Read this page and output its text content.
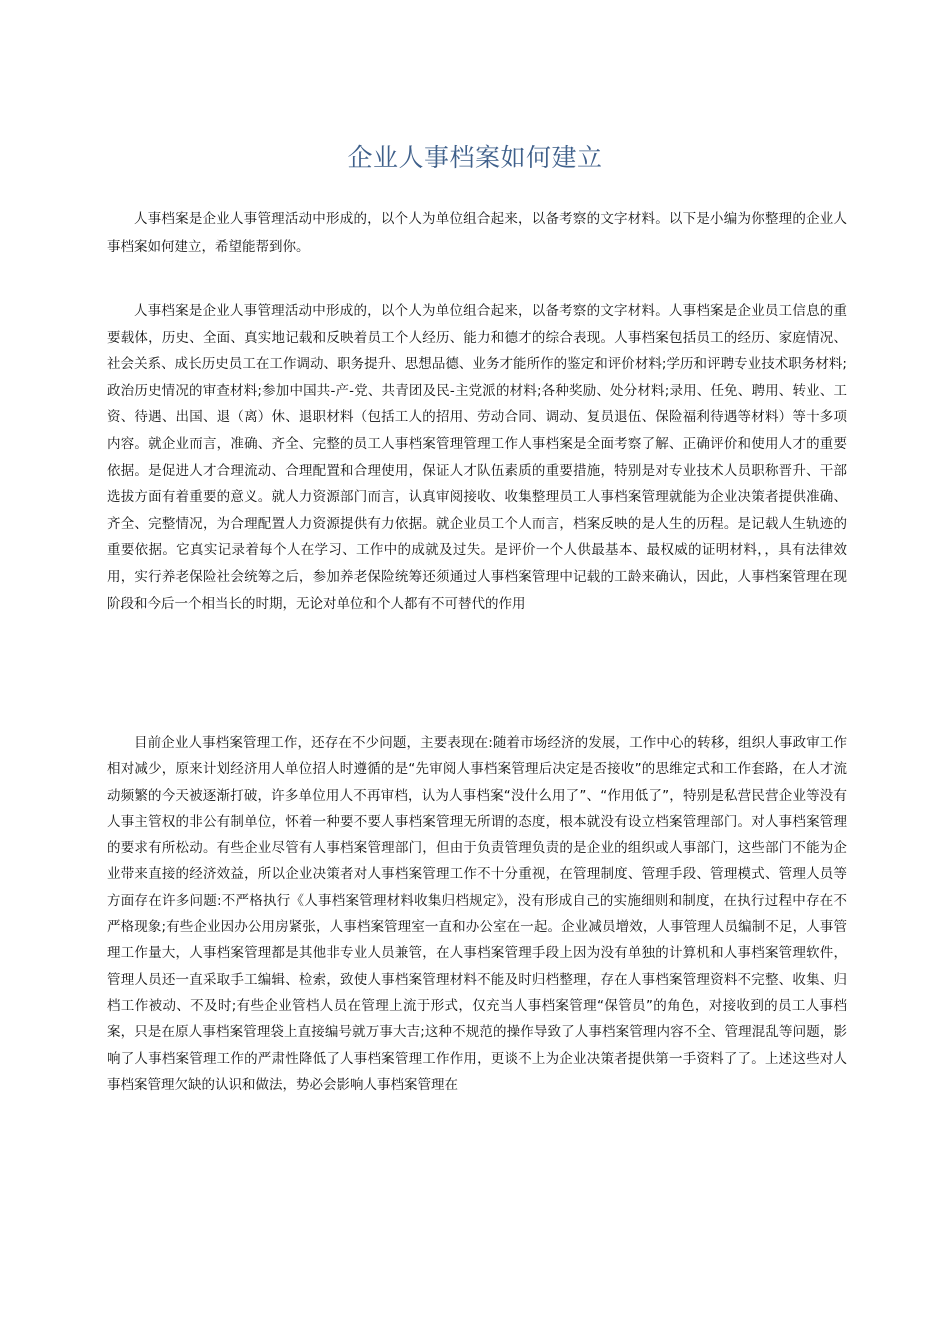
企业人事档案如何建立

人事档案是企业人事管理活动中形成的，以个人为单位组合起来，以备考察的文字材料。以下是小编为你整理的企业人事档案如何建立，希望能帮到你。

人事档案是企业人事管理活动中形成的，以个人为单位组合起来，以备考察的文字材料。人事档案是企业员工信息的重要载体，历史、全面、真实地记载和反映着员工个人经历、能力和德才的综合表现。人事档案包括员工的经历、家庭情况、社会关系、成长历史员工在工作调动、职务提升、思想品德、业务才能所作的鉴定和评价材料;学历和评聘专业技术职务材料;政治历史情况的审查材料;参加中国共-产-党、共青团及民-主党派的材料;各种奖励、处分材料;录用、任免、聘用、转业、工资、待遇、出国、退（离）休、退职材料（包括工人的招用、劳动合同、调动、复员退伍、保险福利待遇等材料）等十多项内容。就企业而言，准确、齐全、完整的员工人事档案管理管理工作人事档案是全面考察了解、正确评价和使用人才的重要依据。是促进人才合理流动、合理配置和合理使用，保证人才队伍素质的重要措施，特别是对专业技术人员职称晋升、干部选拔方面有着重要的意义。就人力资源部门而言，认真审阅接收、收集整理员工人事档案管理就能为企业决策者提供准确、齐全、完整情况，为合理配置人力资源提供有力依据。就企业员工个人而言，档案反映的是人生的历程。是记载人生轨迹的重要依据。它真实记录着每个人在学习、工作中的成就及过失。是评价一个人供最基本、最权威的证明材料，，具有法律效用，实行养老保险社会统筹之后，参加养老保险统筹还须通过人事档案管理中记载的工龄来确认，因此，人事档案管理在现阶段和今后一个相当长的时期，无论对单位和个人都有不可替代的作用

目前企业人事档案管理工作，还存在不少问题，主要表现在:随着市场经济的发展，工作中心的转移，组织人事政审工作相对减少，原来计划经济用人单位招人时遵循的是“先审阅人事档案管理后决定是否接收”的思维定式和工作套路，在人才流动频繁的今天被逐渐打破，许多单位用人不再审档，认为人事档案“没什么用了”、“作用低了”，特别是私营民营企业等没有人事主管权的非公有制单位，怀着一种要不要人事档案管理无所谓的态度，根本就没有设立档案管理部门。对人事档案管理的要求有所松动。有些企业尽管有人事档案管理部门，但由于负责管理负责的是企业的组织或人事部门，这些部门不能为企业带来直接的经济效益，所以企业决策者对人事档案管理工作不十分重视，在管理制度、管理手段、管理模式、管理人员等方面存在许多问题:不严格执行《人事档案管理材料收集归档规定》，没有形成自己的实施细则和制度，在执行过程中存在不严格现象;有些企业因办公用房紧张，人事档案管理室一直和办公室在一起。企业减员增效，人事管理人员编制不足，人事管理工作量大，人事档案管理都是其他非专业人员兼管，在人事档案管理手段上因为没有单独的计算机和人事档案管理软件，管理人员还一直采取手工编辑、检索，致使人事档案管理材料不能及时归档整理，存在人事档案管理资料不完整、收集、归档工作被动、不及时;有些企业管档人员在管理上流于形式，仅充当人事档案管理“保管员”的角色，对接收到的员工人事档案，只是在原人事档案管理袋上直接编号就万事大吉;这种不规范的操作导致了人事档案管理内容不全、管理混乱等问题，影响了人事档案管理工作的严肃性降低了人事档案管理工作作用，更谈不上为企业决策者提供第一手资料了了。上述这些对人事档案管理欠缺的认识和做法，势必会影响人事档案管理在
